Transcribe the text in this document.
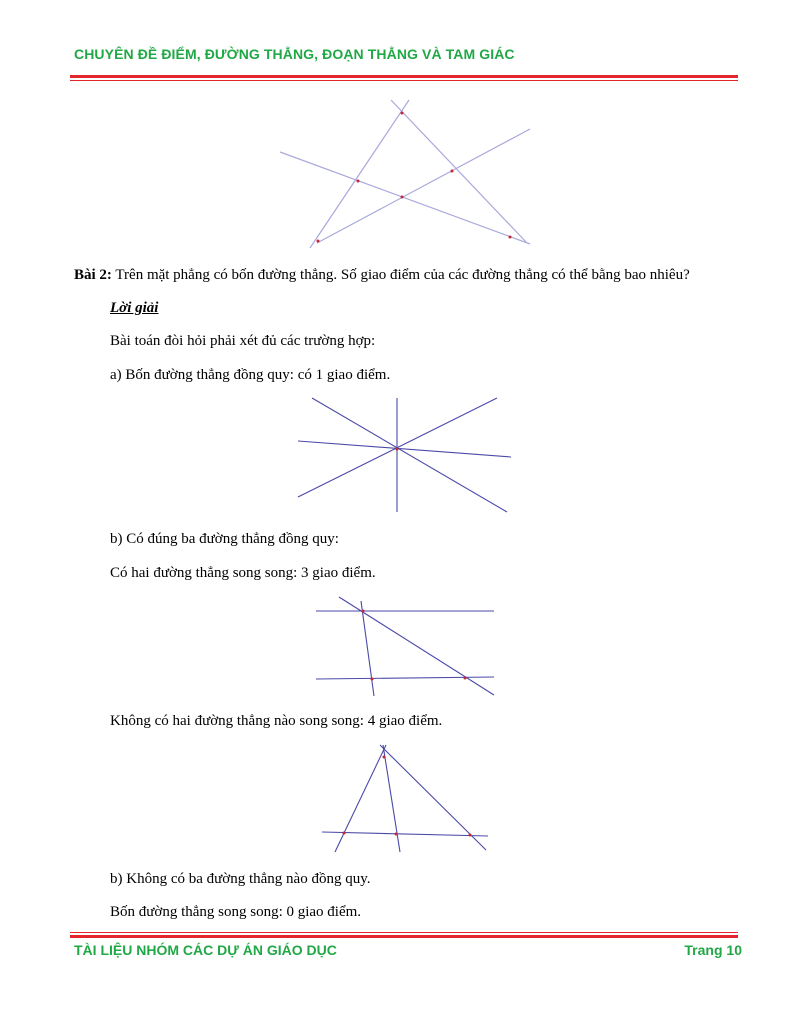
CHUYÊN ĐỀ ĐIỂM, ĐƯỜNG THẲNG, ĐOẠN THẲNG VÀ TAM GIÁC
Bài 2: Trên mặt phẳng có bốn đường thẳng. Số giao điểm của các đường thẳng có thể bằng bao nhiêu?
Lời giải
Bài toán đòi hỏi phải xét đủ các trường hợp:
a) Bốn đường thẳng đồng quy: có 1 giao điểm.
b) Có đúng ba đường thẳng đồng quy:
Có hai đường thẳng song song: 3 giao điểm.
Không có hai đường thẳng nào song song: 4 giao điểm.
b) Không có ba đường thẳng nào đồng quy.
Bốn đường thẳng song song: 0 giao điểm.
TÀI LIỆU NHÓM CÁC DỰ ÁN GIÁO DỤC	Trang 10
